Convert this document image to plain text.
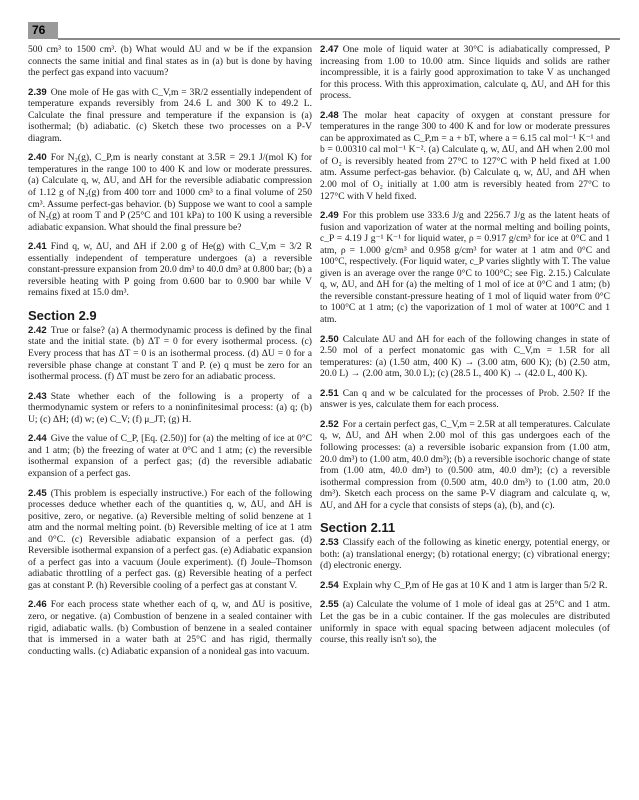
76

500 cm³ to 1500 cm³. (b) What would ΔU and w be if the expansion connects the same initial and final states as in (a) but is done by having the perfect gas expand into vacuum?

2.39 One mole of He gas with C_V,m = 3R/2 essentially independent of temperature expands reversibly from 24.6 L and 300 K to 49.2 L. Calculate the final pressure and temperature if the expansion is (a) isothermal; (b) adiabatic. (c) Sketch these two processes on a P-V diagram.

2.40 For N₂(g), C_P,m is nearly constant at 3.5R = 29.1 J/(mol K) for temperatures in the range 100 to 400 K and low or moderate pressures. (a) Calculate q, w, ΔU, and ΔH for the reversible adiabatic compression of 1.12 g of N₂(g) from 400 torr and 1000 cm³ to a final volume of 250 cm³. Assume perfect-gas behavior. (b) Suppose we want to cool a sample of N₂(g) at room T and P (25°C and 101 kPa) to 100 K using a reversible adiabatic expansion. What should the final pressure be?

2.41 Find q, w, ΔU, and ΔH if 2.00 g of He(g) with C_V,m = 3/2 R essentially independent of temperature undergoes (a) a reversible constant-pressure expansion from 20.0 dm³ to 40.0 dm³ at 0.800 bar; (b) a reversible heating with P going from 0.600 bar to 0.900 bar while V remains fixed at 15.0 dm³.

Section 2.9

2.42 True or false? (a) A thermodynamic process is defined by the final state and the initial state. (b) ΔT = 0 for every isothermal process. (c) Every process that has ΔT = 0 is an isothermal process. (d) ΔU = 0 for a reversible phase change at constant T and P. (e) q must be zero for an isothermal process. (f) ΔT must be zero for an adiabatic process.

2.43 State whether each of the following is a property of a thermodynamic system or refers to a noninfinitesimal process: (a) q; (b) U; (c) ΔH; (d) w; (e) C_V; (f) μ_JT; (g) H.

2.44 Give the value of C_P, [Eq. (2.50)] for (a) the melting of ice at 0°C and 1 atm; (b) the freezing of water at 0°C and 1 atm; (c) the reversible isothermal expansion of a perfect gas; (d) the reversible adiabatic expansion of a perfect gas.

2.45 (This problem is especially instructive.) For each of the following processes deduce whether each of the quantities q, w, ΔU, and ΔH is positive, zero, or negative. (a) Reversible melting of solid benzene at 1 atm and the normal melting point. (b) Reversible melting of ice at 1 atm and 0°C. (c) Reversible adiabatic expansion of a perfect gas. (d) Reversible isothermal expansion of a perfect gas. (e) Adiabatic expansion of a perfect gas into a vacuum (Joule experiment). (f) Joule–Thomson adiabatic throttling of a perfect gas. (g) Reversible heating of a perfect gas at constant P. (h) Reversible cooling of a perfect gas at constant V.

2.46 For each process state whether each of q, w, and ΔU is positive, zero, or negative. (a) Combustion of benzene in a sealed container with rigid, adiabatic walls. (b) Combustion of benzene in a sealed container that is immersed in a water bath at 25°C and has rigid, thermally conducting walls. (c) Adiabatic expansion of a nonideal gas into vacuum.

2.47 One mole of liquid water at 30°C is adiabatically compressed, P increasing from 1.00 to 10.00 atm. Since liquids and solids are rather incompressible, it is a fairly good approximation to take V as unchanged for this process. With this approximation, calculate q, ΔU, and ΔH for this process.

2.48 The molar heat capacity of oxygen at constant pressure for temperatures in the range 300 to 400 K and for low or moderate pressures can be approximated as C_P,m = a + bT, where a = 6.15 cal mol⁻¹ K⁻¹ and b = 0.00310 cal mol⁻¹ K⁻². (a) Calculate q, w, ΔU, and ΔH when 2.00 mol of O₂ is reversibly heated from 27°C to 127°C with P held fixed at 1.00 atm. Assume perfect-gas behavior. (b) Calculate q, w, ΔU, and ΔH when 2.00 mol of O₂ initially at 1.00 atm is reversibly heated from 27°C to 127°C with V held fixed.

2.49 For this problem use 333.6 J/g and 2256.7 J/g as the latent heats of fusion and vaporization of water at the normal melting and boiling points, c_P = 4.19 J g⁻¹ K⁻¹ for liquid water, ρ = 0.917 g/cm³ for ice at 0°C and 1 atm, ρ = 1.000 g/cm³ and 0.958 g/cm³ for water at 1 atm and 0°C and 100°C, respectively. (For liquid water, c_P varies slightly with T. The value given is an average over the range 0°C to 100°C; see Fig. 2.15.) Calculate q, w, ΔU, and ΔH for (a) the melting of 1 mol of ice at 0°C and 1 atm; (b) the reversible constant-pressure heating of 1 mol of liquid water from 0°C to 100°C at 1 atm; (c) the vaporization of 1 mol of water at 100°C and 1 atm.

2.50 Calculate ΔU and ΔH for each of the following changes in state of 2.50 mol of a perfect monatomic gas with C_V,m = 1.5R for all temperatures: (a) (1.50 atm, 400 K) → (3.00 atm, 600 K); (b) (2.50 atm, 20.0 L) → (2.00 atm, 30.0 L); (c) (28.5 L, 400 K) → (42.0 L, 400 K).

2.51 Can q and w be calculated for the processes of Prob. 2.50? If the answer is yes, calculate them for each process.

2.52 For a certain perfect gas, C_V,m = 2.5R at all temperatures. Calculate q, w, ΔU, and ΔH when 2.00 mol of this gas undergoes each of the following processes: (a) a reversible isobaric expansion from (1.00 atm, 20.0 dm³) to (1.00 atm, 40.0 dm³); (b) a reversible isochoric change of state from (1.00 atm, 40.0 dm³) to (0.500 atm, 40.0 dm³); (c) a reversible isothermal compression from (0.500 atm, 40.0 dm³) to (1.00 atm, 20.0 dm³). Sketch each process on the same P-V diagram and calculate q, w, ΔU, and ΔH for a cycle that consists of steps (a), (b), and (c).

Section 2.11

2.53 Classify each of the following as kinetic energy, potential energy, or both: (a) translational energy; (b) rotational energy; (c) vibrational energy; (d) electronic energy.

2.54 Explain why C_P,m of He gas at 10 K and 1 atm is larger than 5/2 R.

2.55 (a) Calculate the volume of 1 mole of ideal gas at 25°C and 1 atm. Let the gas be in a cubic container. If the gas molecules are distributed uniformly in space with equal spacing between adjacent molecules (of course, this really isn't so), the
